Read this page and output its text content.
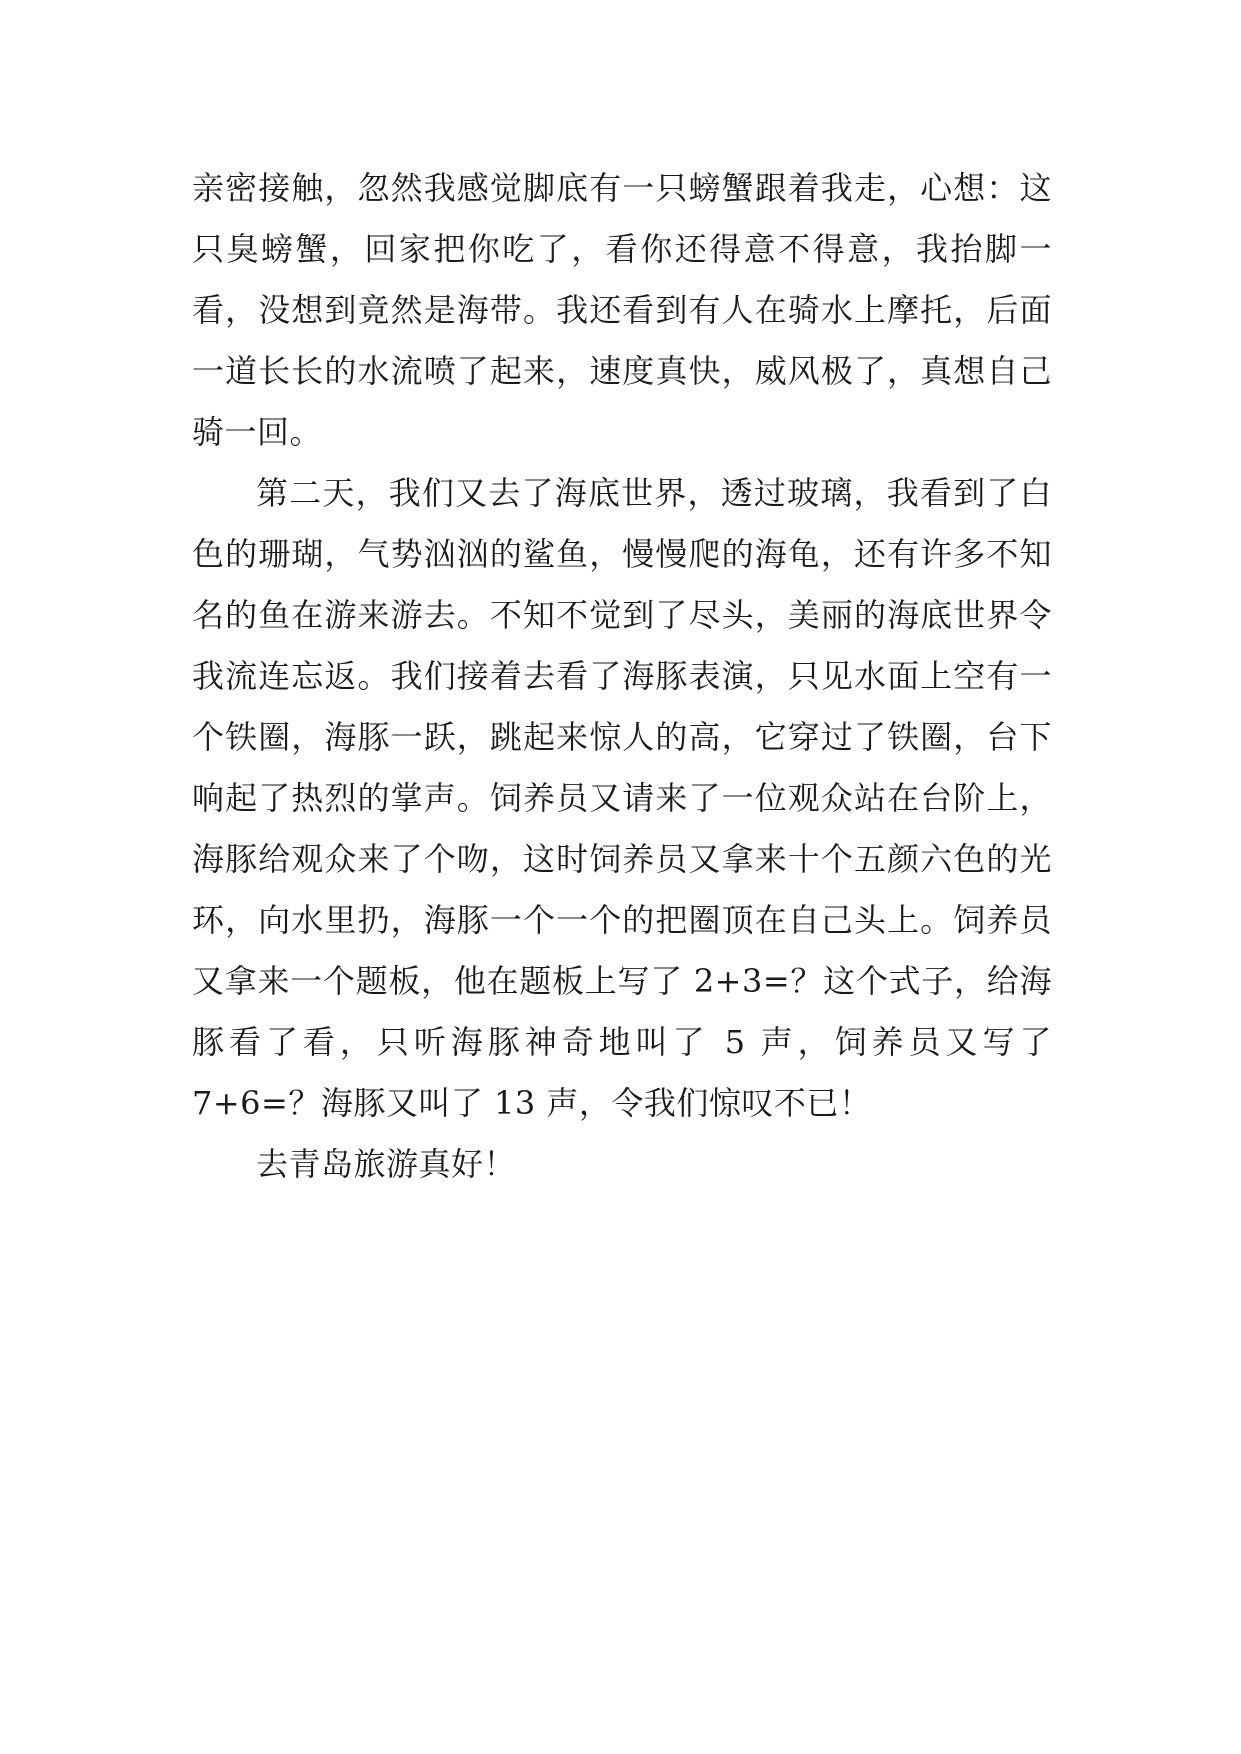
亲密接触，忽然我感觉脚底有一只螃蟹跟着我走，心想：这只臭螃蟹，回家把你吃了，看你还得意不得意，我抬脚一看，没想到竟然是海带。我还看到有人在骑水上摩托，后面一道长长的水流喷了起来，速度真快，威风极了，真想自己骑一回。

第二天，我们又去了海底世界，透过玻璃，我看到了白色的珊瑚，气势汹汹的鲨鱼，慢慢爬的海龟，还有许多不知名的鱼在游来游去。不知不觉到了尽头，美丽的海底世界令我流连忘返。我们接着去看了海豚表演，只见水面上空有一个铁圈，海豚一跃，跳起来惊人的高，它穿过了铁圈，台下响起了热烈的掌声。饲养员又请来了一位观众站在台阶上，海豚给观众来了个吻，这时饲养员又拿来十个五颜六色的光环，向水里扔，海豚一个一个的把圈顶在自己头上。饲养员又拿来一个题板，他在题板上写了 2+3=？这个式子，给海豚看了看，只听海豚神奇地叫了 5 声，饲养员又写了 7+6=？海豚又叫了 13 声，令我们惊叹不已！

去青岛旅游真好！
